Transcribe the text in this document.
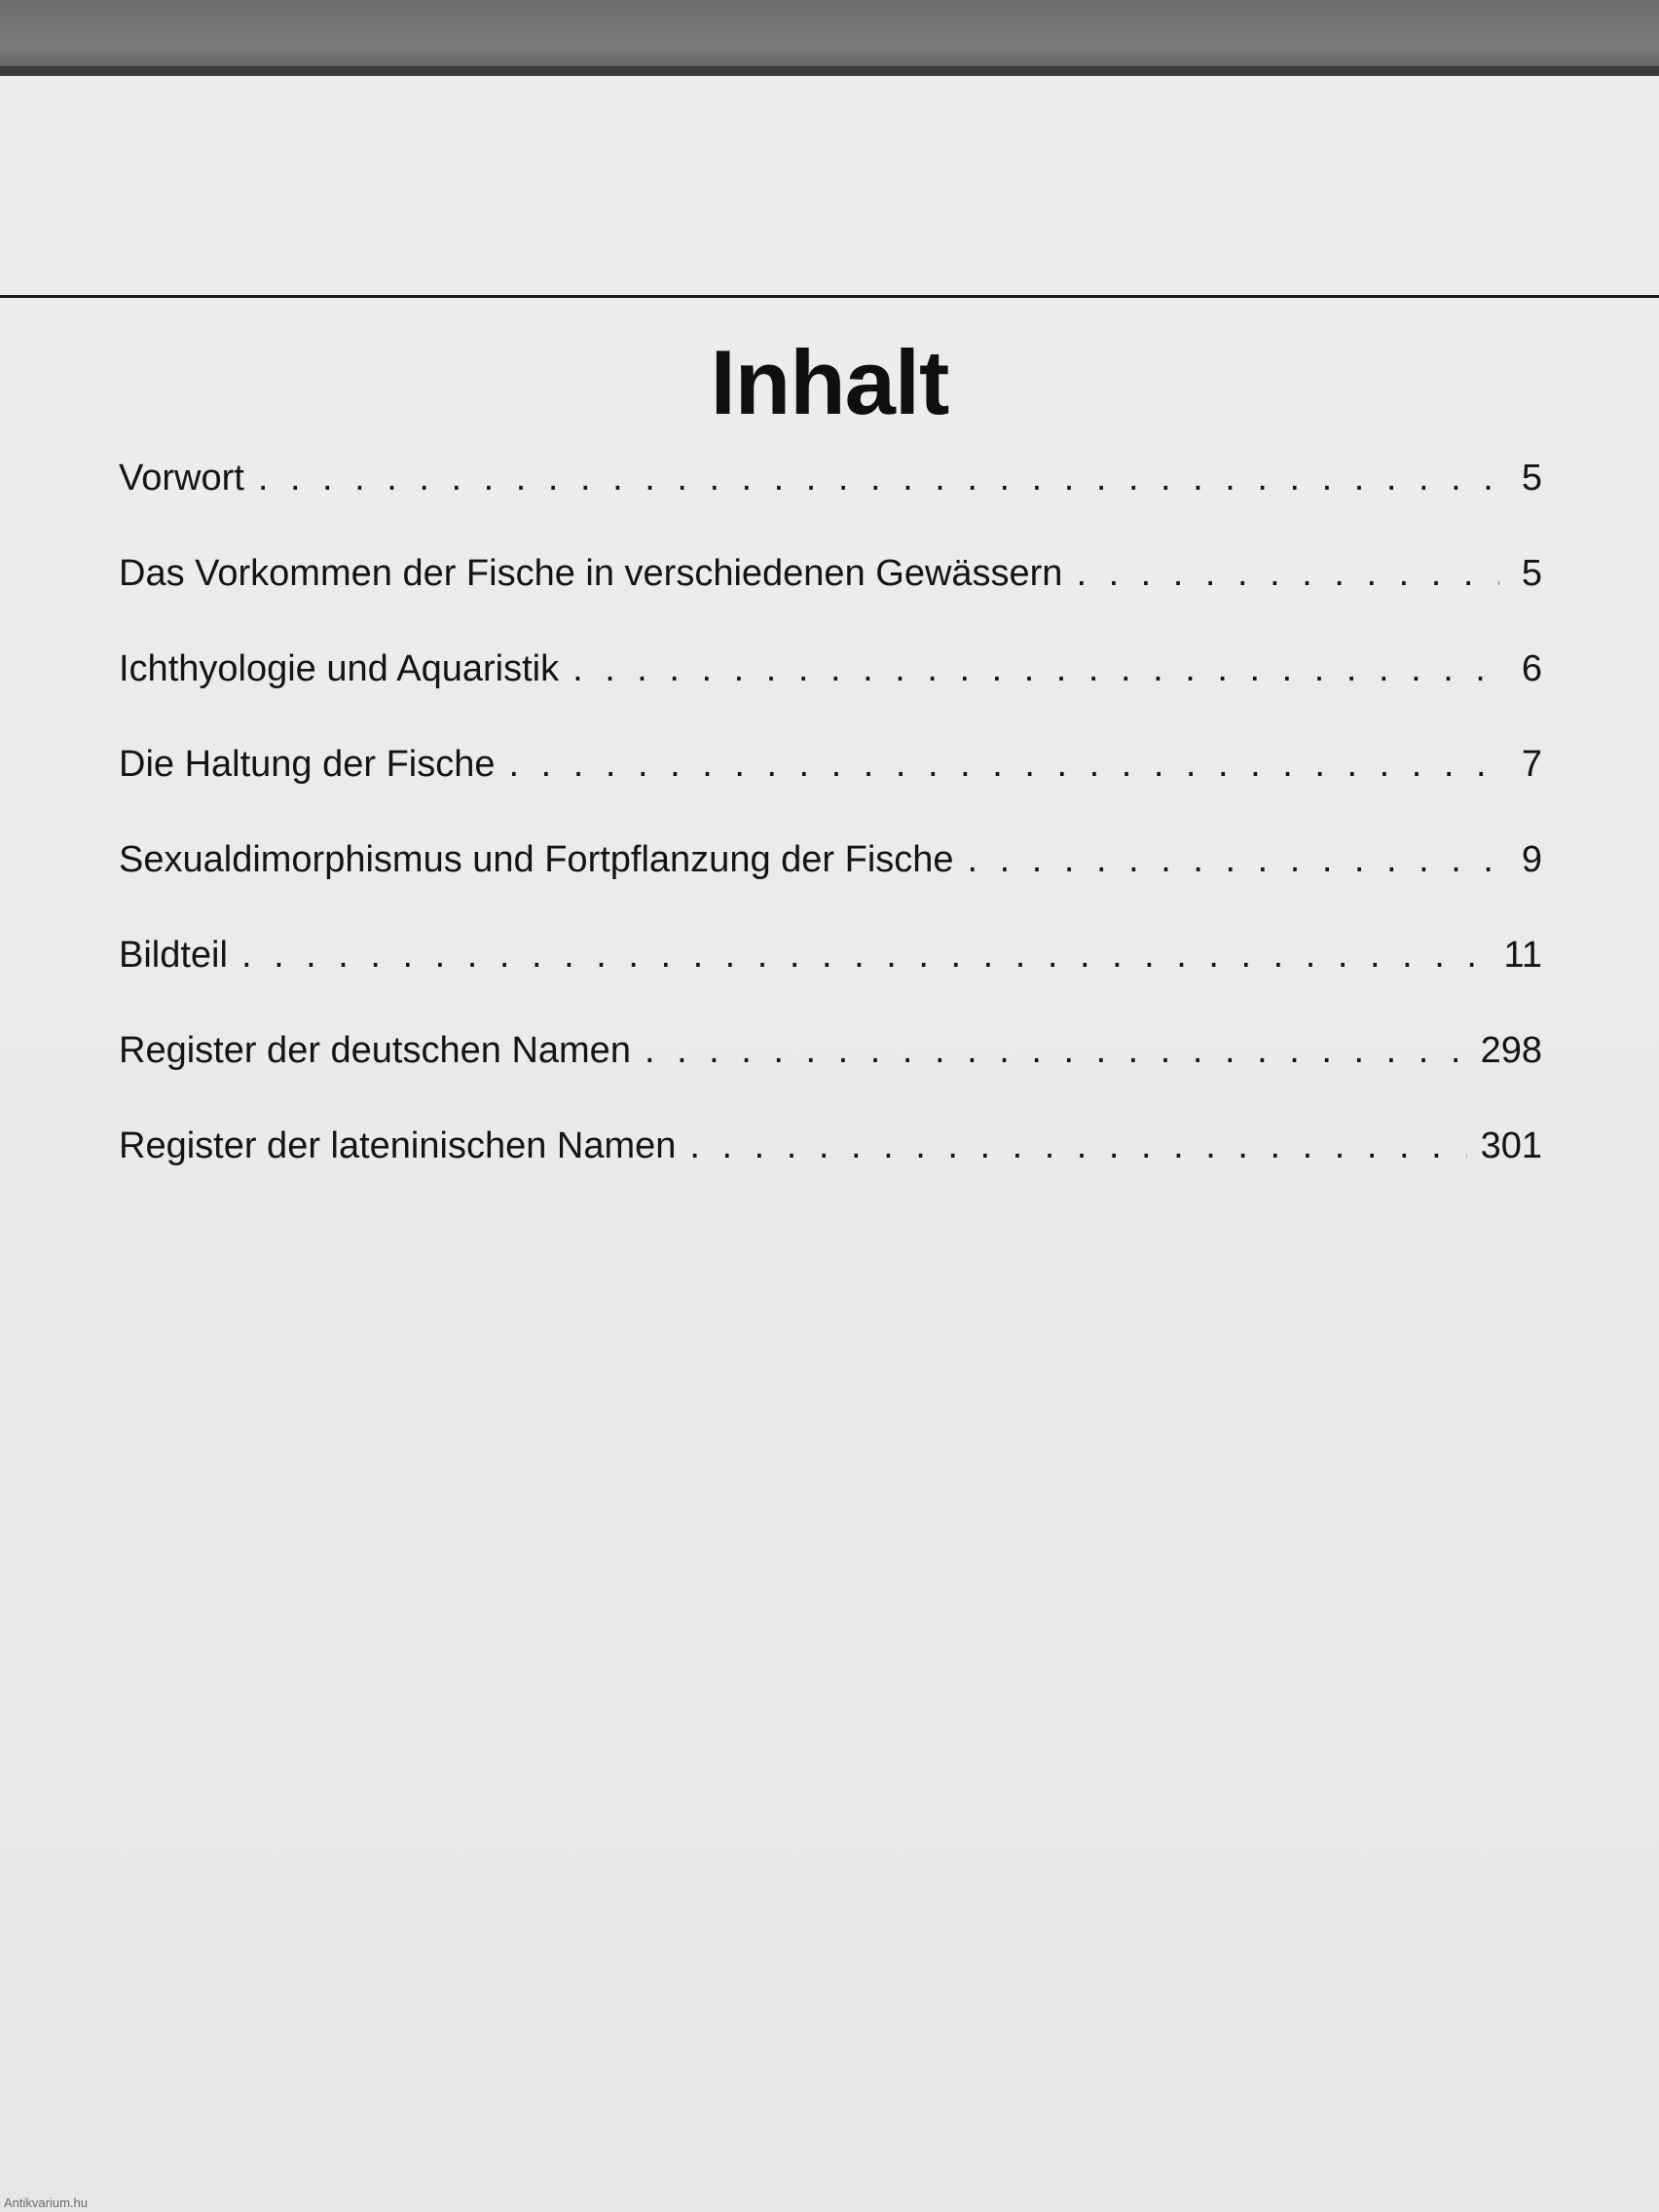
Inhalt
Vorwort . . .	5
Das Vorkommen der Fische in verschiedenen Gewässern . . .	5
Ichthyologie und Aquaristik . . .	6
Die Haltung der Fische . . .	7
Sexualdimorphismus und Fortpflanzung der Fische . . .	9
Bildteil . . .	11
Register der deutschen Namen . . .	298
Register der lateninischen Namen . . .	301
Antikvarium.hu
